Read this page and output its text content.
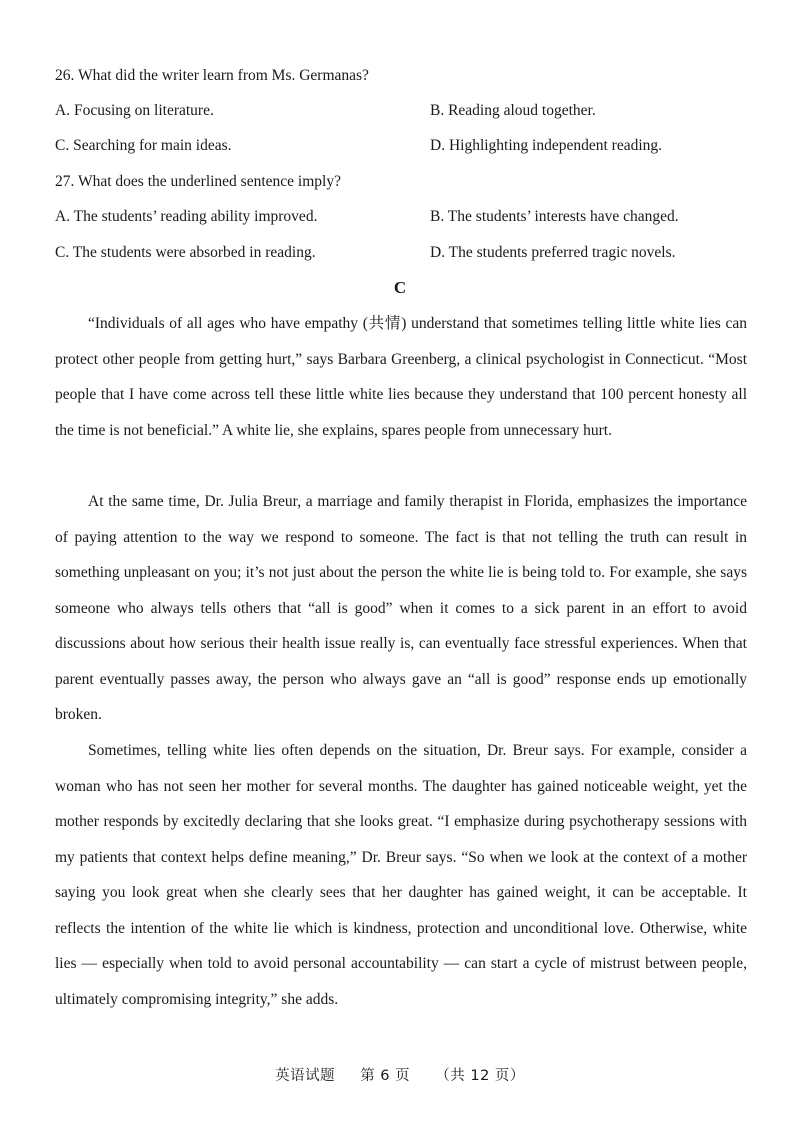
26. What did the writer learn from Ms. Germanas?
A. Focusing on literature.	B. Reading aloud together.
C. Searching for main ideas.	D. Highlighting independent reading.
27. What does the underlined sentence imply?
A. The students’ reading ability improved.	B. The students’ interests have changed.
C. The students were absorbed in reading.	D. The students preferred tragic novels.
C
“Individuals of all ages who have empathy (共情) understand that sometimes telling little white lies can protect other people from getting hurt,” says Barbara Greenberg, a clinical psychologist in Connecticut. “Most people that I have come across tell these little white lies because they understand that 100 percent honesty all the time is not beneficial.” A white lie, she explains, spares people from unnecessary hurt.
At the same time, Dr. Julia Breur, a marriage and family therapist in Florida, emphasizes the importance of paying attention to the way we respond to someone. The fact is that not telling the truth can result in something unpleasant on you; it’s not just about the person the white lie is being told to. For example, she says someone who always tells others that “all is good” when it comes to a sick parent in an effort to avoid discussions about how serious their health issue really is, can eventually face stressful experiences. When that parent eventually passes away, the person who always gave an “all is good” response ends up emotionally broken.
Sometimes, telling white lies often depends on the situation, Dr. Breur says. For example, consider a woman who has not seen her mother for several months. The daughter has gained noticeable weight, yet the mother responds by excitedly declaring that she looks great. “I emphasize during psychotherapy sessions with my patients that context helps define meaning,” Dr. Breur says. “So when we look at the context of a mother saying you look great when she clearly sees that her daughter has gained weight, it can be acceptable. It reflects the intention of the white lie which is kindness, protection and unconditional love. Otherwise, white lies — especially when told to avoid personal accountability — can start a cycle of mistrust between people, ultimately compromising integrity,” she adds.
英语试题 第 6 页 （共 12 页）
